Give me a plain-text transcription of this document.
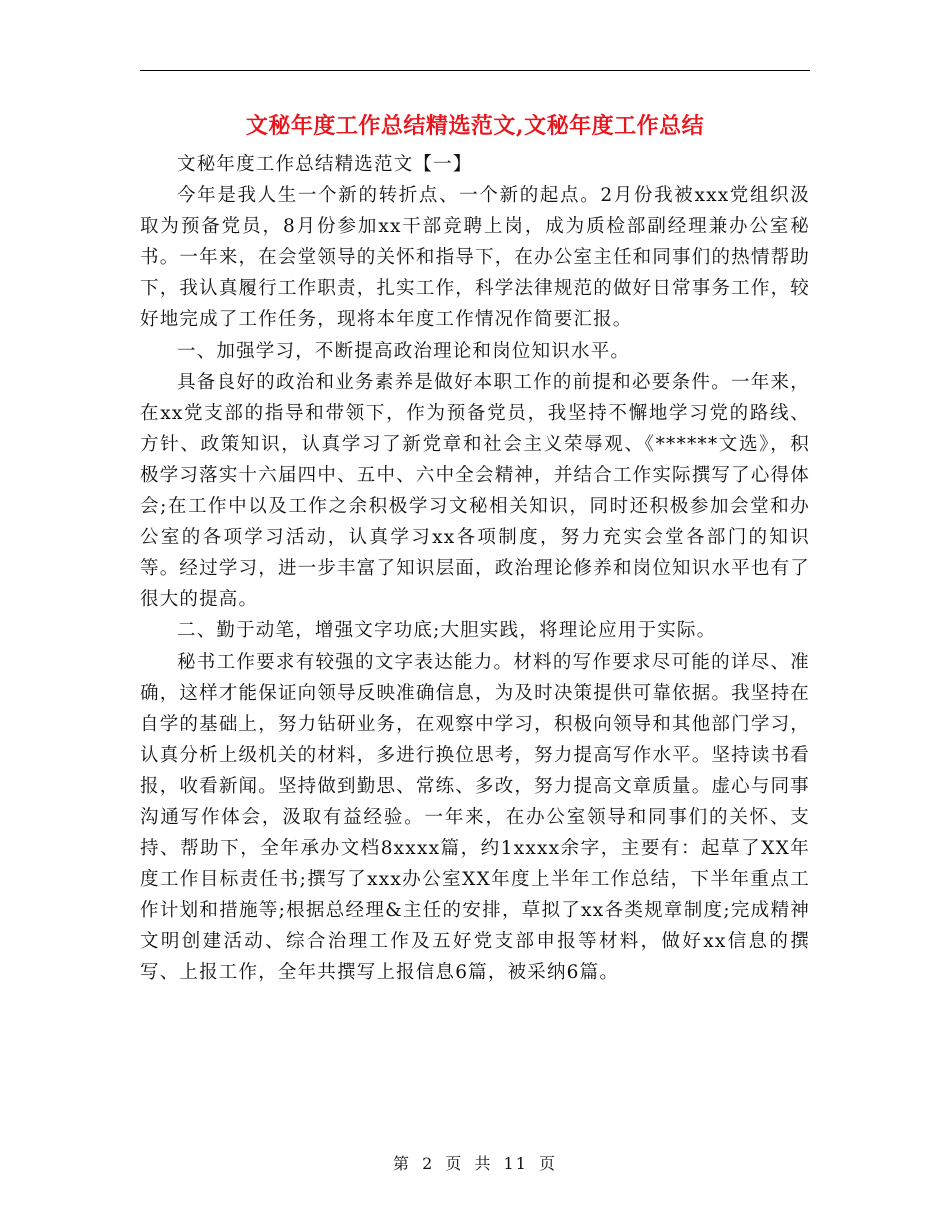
文秘年度工作总结精选范文,文秘年度工作总结

文秘年度工作总结精选范文【一】

今年是我人生一个新的转折点、一个新的起点。2月份我被xxx党组织汲取为预备党员，8月份参加xx干部竞聘上岗，成为质检部副经理兼办公室秘书。一年来，在会堂领导的关怀和指导下，在办公室主任和同事们的热情帮助下，我认真履行工作职责，扎实工作，科学法律规范的做好日常事务工作，较好地完成了工作任务，现将本年度工作情况作简要汇报。

一、加强学习，不断提高政治理论和岗位知识水平。

具备良好的政治和业务素养是做好本职工作的前提和必要条件。一年来，在xx党支部的指导和带领下，作为预备党员，我坚持不懈地学习党的路线、方针、政策知识，认真学习了新党章和社会主义荣辱观、《******文选》，积极学习落实十六届四中、五中、六中全会精神，并结合工作实际撰写了心得体会;在工作中以及工作之余积极学习文秘相关知识，同时还积极参加会堂和办公室的各项学习活动，认真学习xx各项制度，努力充实会堂各部门的知识等。经过学习，进一步丰富了知识层面，政治理论修养和岗位知识水平也有了很大的提高。

二、勤于动笔，增强文字功底;大胆实践，将理论应用于实际。

秘书工作要求有较强的文字表达能力。材料的写作要求尽可能的详尽、准确，这样才能保证向领导反映准确信息，为及时决策提供可靠依据。我坚持在自学的基础上，努力钻研业务，在观察中学习，积极向领导和其他部门学习，认真分析上级机关的材料，多进行换位思考，努力提高写作水平。坚持读书看报，收看新闻。坚持做到勤思、常练、多改，努力提高文章质量。虚心与同事沟通写作体会，汲取有益经验。一年来，在办公室领导和同事们的关怀、支持、帮助下，全年承办文档8xxxx篇，约1xxxx余字，主要有：起草了XX年度工作目标责任书;撰写了xxx办公室XX年度上半年工作总结，下半年重点工作计划和措施等;根据总经理&主任的安排，草拟了xx各类规章制度;完成精神文明创建活动、综合治理工作及五好党支部申报等材料，做好xx信息的撰写、上报工作，全年共撰写上报信息6篇，被采纳6篇。

第 2 页 共 11 页
